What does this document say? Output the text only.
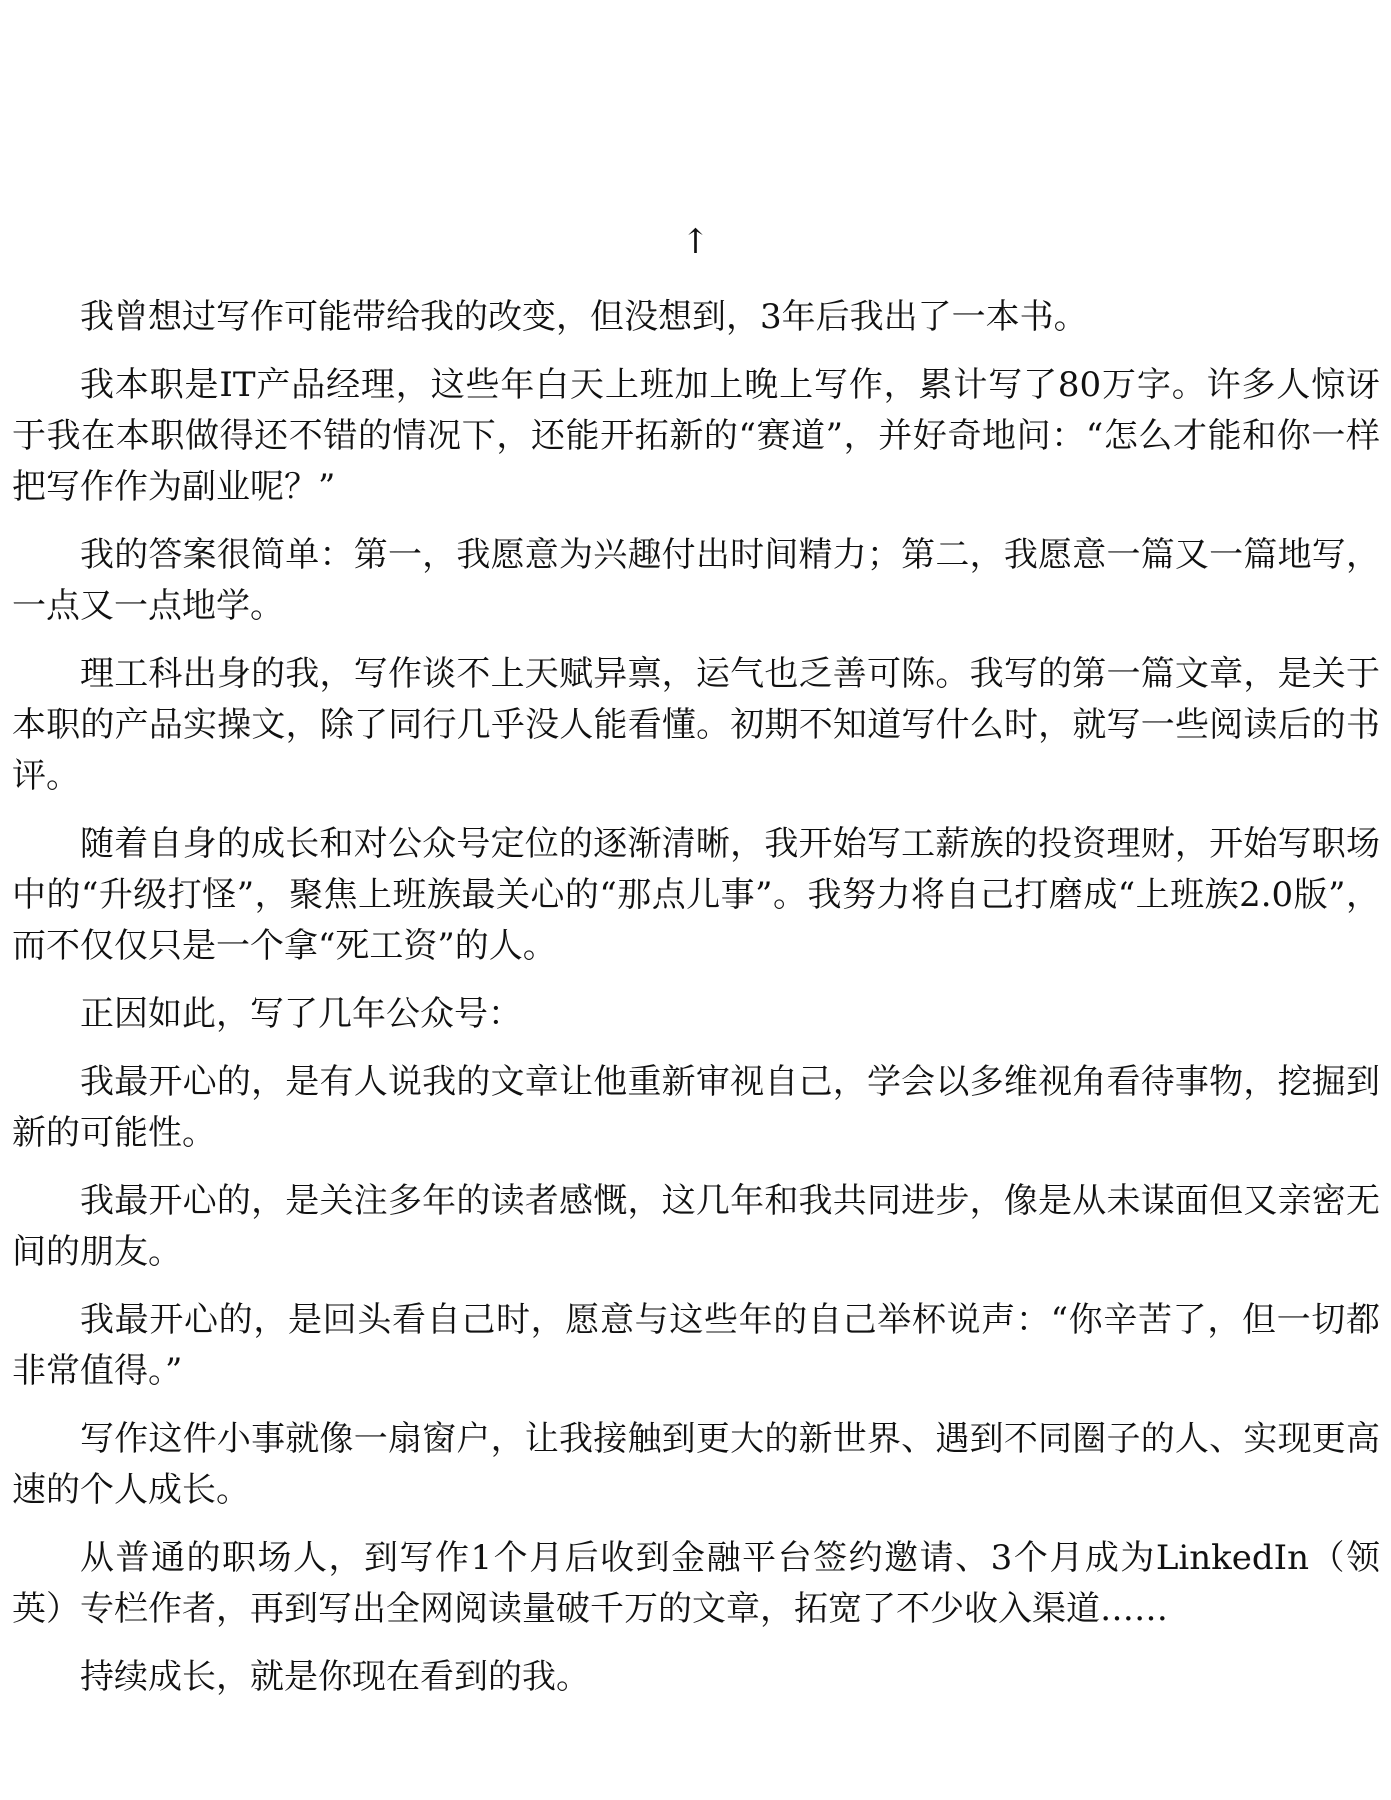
↑

我曾想过写作可能带给我的改变，但没想到，3年后我出了一本书。

我本职是IT产品经理，这些年白天上班加上晚上写作，累计写了80万字。许多人惊讶于我在本职做得还不错的情况下，还能开拓新的“赛道”，并好奇地问：“怎么才能和你一样把写作作为副业呢？”

我的答案很简单：第一，我愿意为兴趣付出时间精力；第二，我愿意一篇又一篇地写，一点又一点地学。

理工科出身的我，写作谈不上天赋异禀，运气也乏善可陈。我写的第一篇文章，是关于本职的产品实操文，除了同行几乎没人能看懂。初期不知道写什么时，就写一些阅读后的书评。

随着自身的成长和对公众号定位的逐渐清晰，我开始写工薪族的投资理财，开始写职场中的“升级打怪”，聚焦上班族最关心的“那点儿事”。我努力将自己打磨成“上班族2.0版”，而不仅仅只是一个拿“死工资”的人。

正因如此，写了几年公众号：

我最开心的，是有人说我的文章让他重新审视自己，学会以多维视角看待事物，挖掘到新的可能性。

我最开心的，是关注多年的读者感慨，这几年和我共同进步，像是从未谋面但又亲密无间的朋友。

我最开心的，是回头看自己时，愿意与这些年的自己举杯说声：“你辛苦了，但一切都非常值得。”

写作这件小事就像一扇窗户，让我接触到更大的新世界、遇到不同圈子的人、实现更高速的个人成长。

从普通的职场人，到写作1个月后收到金融平台签约邀请、3个月成为LinkedIn（领英）专栏作者，再到写出全网阅读量破千万的文章，拓宽了不少收入渠道……

持续成长，就是你现在看到的我。
